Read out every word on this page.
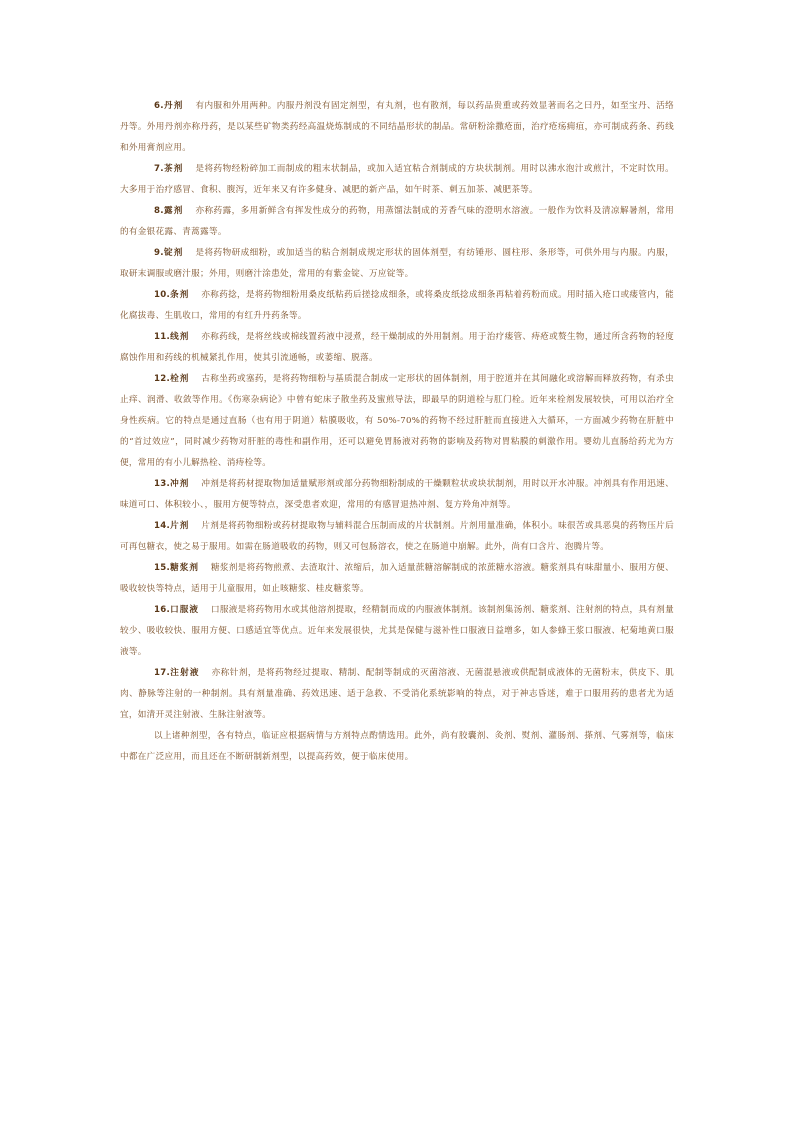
6.丹剂 有内服和外用两种。内服丹剂没有固定剂型，有丸剂，也有散剂，每以药品贵重或药效显著而名之曰丹，如至宝丹、活络丹等。外用丹剂亦称丹药，是以某些矿物类药经高温烧炼制成的不同结晶形状的制品。常研粉涂撒疮面，治疗疮疡痈疽，亦可制成药条、药线和外用膏剂应用。

7.茶剂 是将药物经粉碎加工而制成的粗末状制品，或加入适宜粘合剂制成的方块状制剂。用时以沸水泡汁或煎汁，不定时饮用。大多用于治疗感冒、食积、腹泻，近年来又有许多健身、减肥的新产品，如午时茶、刺五加茶、减肥茶等。

8.露剂 亦称药露，多用新鲜含有挥发性成分的药物，用蒸馏法制成的芳香气味的澄明水溶液。一般作为饮料及清凉解暑剂，常用的有金银花露、青蒿露等。

9.锭剂 是将药物研成细粉，或加适当的粘合剂制成规定形状的固体剂型，有纺锤形、圆柱形、条形等，可供外用与内服。内服，取研末调服或磨汁服；外用，则磨汁涂患处，常用的有紫金锭、万应锭等。

10.条剂 亦称药捻，是将药物细粉用桑皮纸粘药后搓捻成细条，或将桑皮纸捻成细条再粘着药粉而成。用时插入疮口或瘘管内，能化腐拔毒、生肌收口，常用的有红升丹药条等。

11.线剂 亦称药线，是将丝线或棉线置药液中浸煮，经干燥制成的外用制剂。用于治疗瘘管、痔疮或赘生物，通过所含药物的轻度腐蚀作用和药线的机械紧扎作用，使其引流通畅，或萎缩、脱落。

12.栓剂 古称坐药或塞药，是将药物细粉与基质混合制成一定形状的固体制剂，用于腔道并在其间融化或溶解而释放药物，有杀虫止痒、润滑、收敛等作用。《伤寒杂病论》中曾有蛇床子散坐药及蜜煎导法，即最早的阴道栓与肛门栓。近年来栓剂发展较快，可用以治疗全身性疾病。它的特点是通过直肠（也有用于阴道）粘膜吸收，有 50%-70%的药物不经过肝脏而直接进入大循环，一方面减少药物在肝脏中的“首过效应”，同时减少药物对肝脏的毒性和副作用，还可以避免胃肠液对药物的影响及药物对胃粘膜的刺激作用。婴幼儿直肠给药尤为方便，常用的有小儿解热栓、消痔栓等。

13.冲剂 冲剂是将药材提取物加适量赋形剂或部分药物细粉制成的干燥颗粒状或块状制剂，用时以开水冲服。冲剂具有作用迅速、味道可口、体积较小、，服用方便等特点，深受患者欢迎，常用的有感冒退热冲剂、复方羚角冲剂等。

14.片剂 片剂是将药物细粉或药材提取物与辅料混合压制而成的片状制剂。片剂用量准确，体积小。味很苦或具恶臭的药物压片后可再包糖衣，使之易于服用。如需在肠道吸收的药物，则又可包肠溶衣，使之在肠道中崩解。此外，尚有口含片、泡腾片等。

15.糖浆剂 糖浆剂是将药物煎煮、去渣取汁、浓缩后，加入适量蔗糖溶解制成的浓蔗糖水溶液。糖浆剂具有味甜量小、服用方便、吸收较快等特点，适用于儿童服用，如止咳糖浆、桂皮糖浆等。

16.口服液 口服液是将药物用水或其他溶剂提取，经精制而成的内服液体制剂。该制剂集汤剂、糖浆剂、注射剂的特点，具有剂量较少、吸收较快、服用方便、口感适宜等优点。近年来发展很快，尤其是保健与滋补性口服液日益增多，如人参蜂王浆口服液、杞菊地黄口服液等。

17.注射液 亦称针剂，是将药物经过提取、精制、配制等制成的灭菌溶液、无菌混悬液或供配制成液体的无菌粉末，供皮下、肌肉、静脉等注射的一种制剂。具有剂量准确、药效迅速、适于急救、不受消化系统影响的特点，对于神志昏迷，难于口服用药的患者尤为适宜，如清开灵注射液、生脉注射液等。

以上诸种剂型，各有特点，临证应根据病情与方剂特点酌情选用。此外，尚有胶囊剂、灸剂、熨剂、灌肠剂、搽剂、气雾剂等，临床中都在广泛应用，而且还在不断研制新剂型，以提高药效，便于临床使用。
